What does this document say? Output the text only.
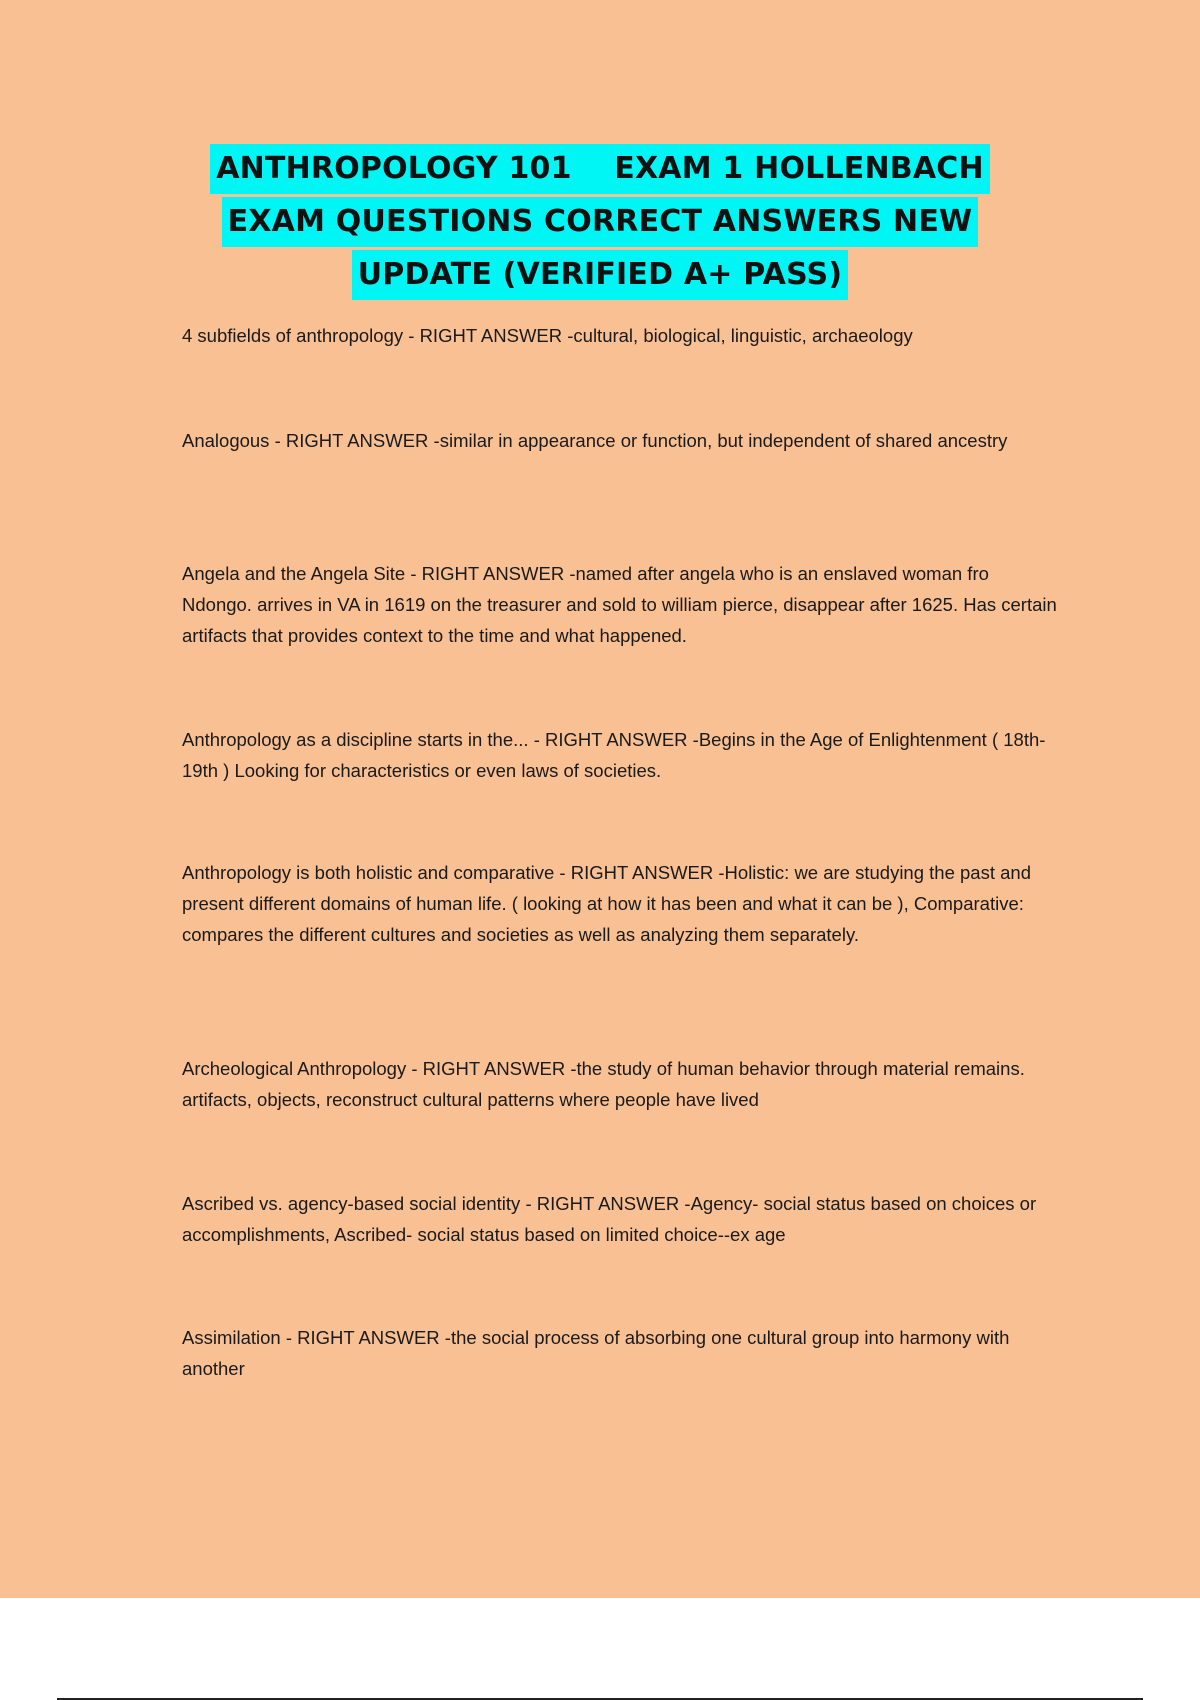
ANTHROPOLOGY 101    EXAM 1 HOLLENBACH
EXAM QUESTIONS CORRECT ANSWERS NEW
UPDATE (VERIFIED A+ PASS)

4 subfields of anthropology - RIGHT ANSWER -cultural, biological, linguistic, archaeology

Analogous - RIGHT ANSWER -similar in appearance or function, but independent of shared ancestry

Angela and the Angela Site - RIGHT ANSWER -named after angela who is an enslaved woman fro Ndongo. arrives in VA in 1619 on the treasurer and sold to william pierce, disappear after 1625. Has certain artifacts that provides context to the time and what happened.

Anthropology as a discipline starts in the... - RIGHT ANSWER -Begins in the Age of Enlightenment ( 18th-19th ) Looking for characteristics or even laws of societies.

Anthropology is both holistic and comparative - RIGHT ANSWER -Holistic: we are studying the past and present different domains of human life. ( looking at how it has been and what it can be ), Comparative: compares the different cultures and societies as well as analyzing them separately.

Archeological Anthropology - RIGHT ANSWER -the study of human behavior through material remains. artifacts, objects, reconstruct cultural patterns where people have lived

Ascribed vs. agency-based social identity - RIGHT ANSWER -Agency- social status based on choices or accomplishments, Ascribed- social status based on limited choice--ex age

Assimilation - RIGHT ANSWER -the social process of absorbing one cultural group into harmony with another
